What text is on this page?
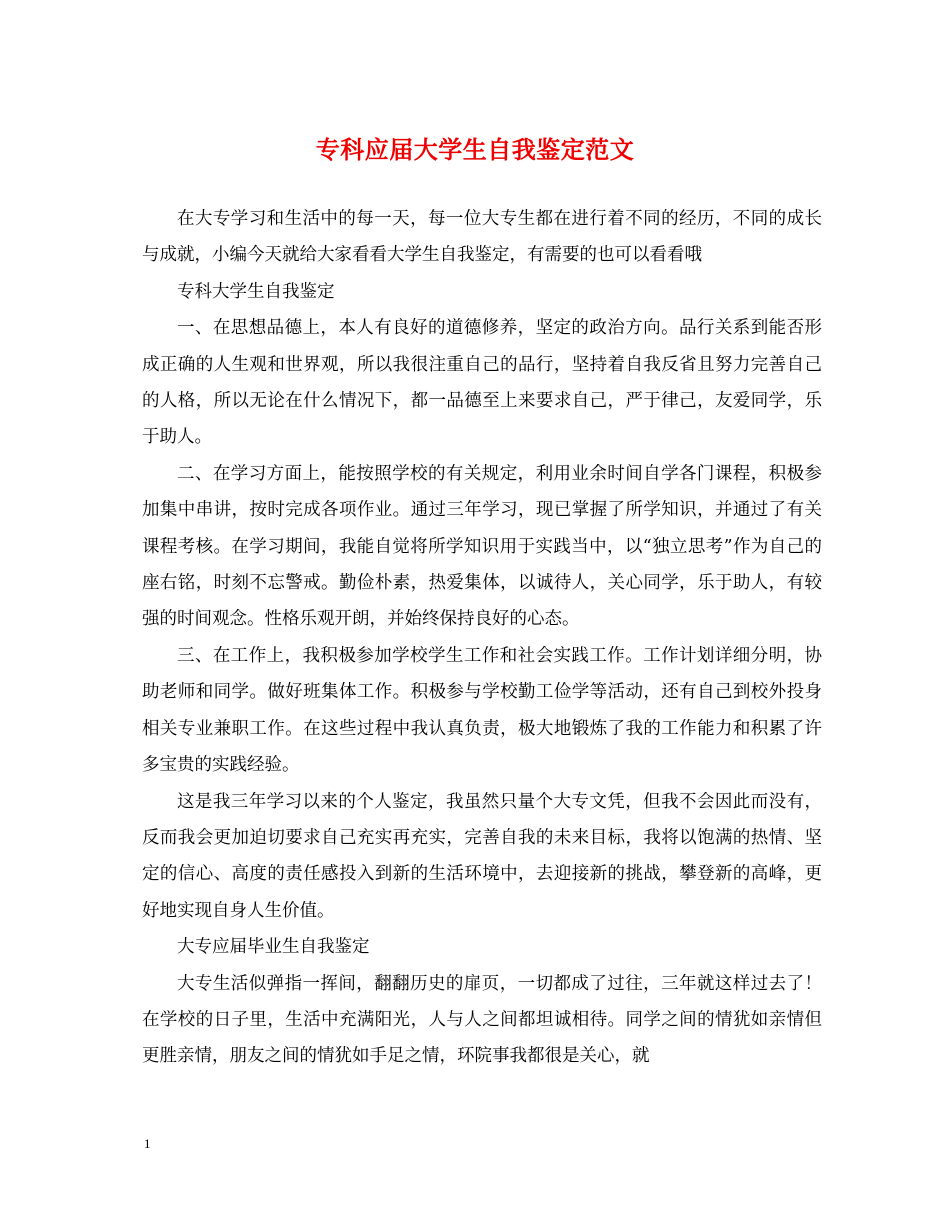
专科应届大学生自我鉴定范文

在大专学习和生活中的每一天，每一位大专生都在进行着不同的经历，不同的成长与成就，小编今天就给大家看看大学生自我鉴定，有需要的也可以看看哦

专科大学生自我鉴定

一、在思想品德上，本人有良好的道德修养，坚定的政治方向。品行关系到能否形成正确的人生观和世界观，所以我很注重自己的品行，坚持着自我反省且努力完善自己的人格，所以无论在什么情况下，都一品德至上来要求自己，严于律己，友爱同学，乐于助人。

二、在学习方面上，能按照学校的有关规定，利用业余时间自学各门课程，积极参加集中串讲，按时完成各项作业。通过三年学习，现已掌握了所学知识，并通过了有关课程考核。在学习期间，我能自觉将所学知识用于实践当中，以“独立思考”作为自己的座右铭，时刻不忘警戒。勤俭朴素，热爱集体，以诚待人，关心同学，乐于助人，有较强的时间观念。性格乐观开朗，并始终保持良好的心态。

三、在工作上，我积极参加学校学生工作和社会实践工作。工作计划详细分明，协助老师和同学。做好班集体工作。积极参与学校勤工俭学等活动，还有自己到校外投身相关专业兼职工作。在这些过程中我认真负责，极大地锻炼了我的工作能力和积累了许多宝贵的实践经验。

这是我三年学习以来的个人鉴定，我虽然只量个大专文凭，但我不会因此而没有，反而我会更加迫切要求自己充实再充实，完善自我的未来目标，我将以饱满的热情、坚定的信心、高度的责任感投入到新的生活环境中，去迎接新的挑战，攀登新的高峰，更好地实现自身人生价值。

大专应届毕业生自我鉴定

大专生活似弹指一挥间，翻翻历史的扉页，一切都成了过往，三年就这样过去了！　在学校的日子里，生活中充满阳光，人与人之间都坦诚相待。同学之间的情犹如亲情但更胜亲情，朋友之间的情犹如手足之情，环院事我都很是关心，就

1
